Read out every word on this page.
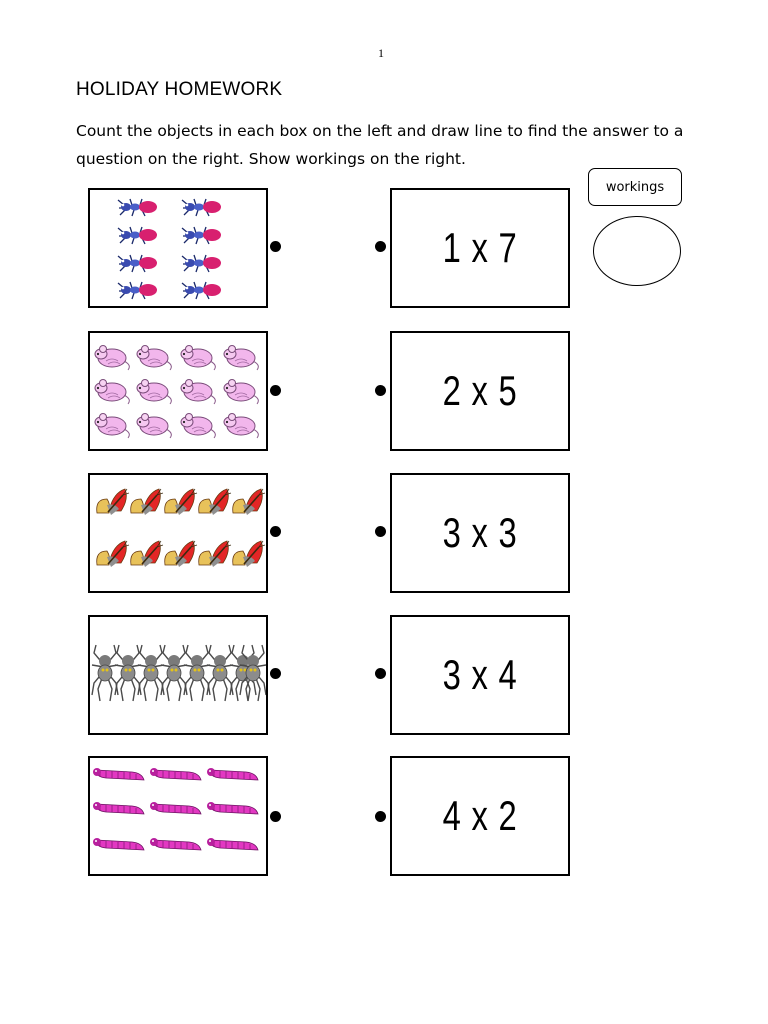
1
HOLIDAY HOMEWORK
Count the objects in each box on the left and draw line to find the answer to a question on the right. Show workings on the right.
workings
1 x 7
2 x 5
3 x 3
3 x 4
4 x 2
